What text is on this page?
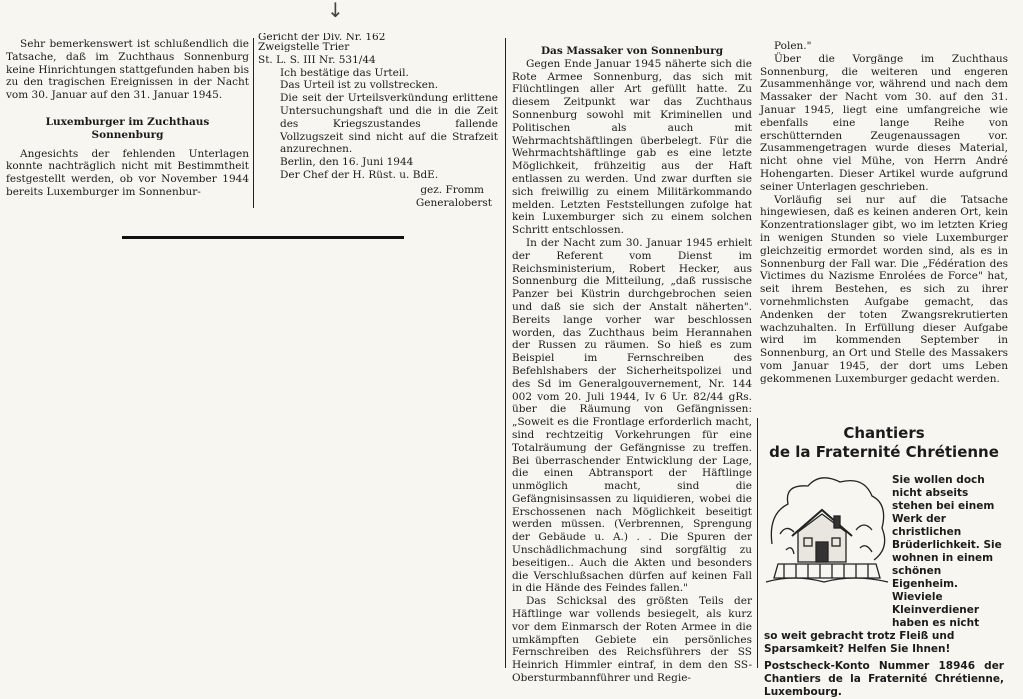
↓

Sehr bemerkenswert ist schlußendlich die Tatsache, daß im Zuchthaus Sonnenburg keine Hinrichtungen stattgefunden haben bis zu den tragischen Ereignissen in der Nacht vom 30. Januar auf den 31. Januar 1945.

Luxemburger im Zuchthaus

Sonnenburg

Angesichts der fehlenden Unterlagen konnte nachträglich nicht mit Bestimmtheit festgestellt werden, ob vor November 1944 bereits Luxemburger im Sonnenbur-

Gericht der Div. Nr. 162

Zweigstelle Trier

St. L. S. III Nr. 531/44

Ich bestätige das Urteil.

Das Urteil ist zu vollstrecken.

Die seit der Urteilsverkündung erlittene Untersuchungshaft und die in die Zeit des Kriegszustandes fallende Vollzugszeit sind nicht auf die Strafzeit anzurechnen.

Berlin, den 16. Juni 1944

Der Chef der H. Rüst. u. BdE.

gez. Fromm

Generaloberst

Das Massaker von Sonnenburg

Gegen Ende Januar 1945 näherte sich die Rote Armee Sonnenburg, das sich mit Flüchtlingen aller Art gefüllt hatte. Zu diesem Zeitpunkt war das Zuchthaus Sonnenburg sowohl mit Kriminellen und Politischen als auch mit Wehrmachtshäftlingen überbelegt. Für die Wehrmachtshäftlinge gab es eine letzte Möglichkeit, frühzeitig aus der Haft entlassen zu werden. Und zwar durften sie sich freiwillig zu einem Militärkommando melden. Letzten Feststellungen zufolge hat kein Luxemburger sich zu einem solchen Schritt entschlossen.

In der Nacht zum 30. Januar 1945 erhielt der Referent vom Dienst im Reichsministerium, Robert Hecker, aus Sonnenburg die Mitteilung, „daß russische Panzer bei Küstrin durchgebrochen seien und daß sie sich der Anstalt näherten". Bereits lange vorher war beschlossen worden, das Zuchthaus beim Herannahen der Russen zu räumen. So hieß es zum Beispiel im Fernschreiben des Befehlshabers der Sicherheitspolizei und des Sd im Generalgouvernement, Nr. 144 002 vom 20. Juli 1944, Iv 6 Ur. 82/44 gRs. über die Räumung von Gefängnissen: „Soweit es die Frontlage erforderlich macht, sind rechtzeitig Vorkehrungen für eine Totalräumung der Gefängnisse zu treffen. Bei überraschender Entwicklung der Lage, die einen Abtransport der Häftlinge unmöglich macht, sind die Gefängnisinsassen zu liquidieren, wobei die Erschossenen nach Möglichkeit beseitigt werden müssen. (Verbrennen, Sprengung der Gebäude u. A.) . . Die Spuren der Unschädlichmachung sind sorgfältig zu beseitigen.. Auch die Akten und besonders die Verschlußsachen dürfen auf keinen Fall in die Hände des Feindes fallen."

Das Schicksal des größten Teils der Häftlinge war vollends besiegelt, als kurz vor dem Einmarsch der Roten Armee in die umkämpften Gebiete ein persönliches Fernschreiben des Reichsführers der SS Heinrich Himmler eintraf, in dem den SS-Obersturmbannführer und Regie-

Polen."

Über die Vorgänge im Zuchthaus Sonnenburg, die weiteren und engeren Zusammenhänge vor, während und nach dem Massaker der Nacht vom 30. auf den 31. Januar 1945, liegt eine umfangreiche wie ebenfalls eine lange Reihe von erschütternden Zeugenaussagen vor. Zusammengetragen wurde dieses Material, nicht ohne viel Mühe, von Herrn André Hohengarten. Dieser Artikel wurde aufgrund seiner Unterlagen geschrieben.

Vorläufig sei nur auf die Tatsache hingewiesen, daß es keinen anderen Ort, kein Konzentrationslager gibt, wo im letzten Krieg in wenigen Stunden so viele Luxemburger gleichzeitig ermordet worden sind, als es in Sonnenburg der Fall war. Die „Fédération des Victimes du Nazisme Enrolées de Force" hat, seit ihrem Bestehen, es sich zu ihrer vornehmlichsten Aufgabe gemacht, das Andenken der toten Zwangsrekrutierten wachzuhalten. In Erfüllung dieser Aufgabe wird im kommenden September in Sonnenburg, an Ort und Stelle des Massakers vom Januar 1945, der dort ums Leben gekommenen Luxemburger gedacht werden.

Chantiers
de la Fraternité Chrétienne
Sie wollen doch nicht abseits stehen bei einem Werk der christlichen Brüderlichkeit. Sie wohnen in einem schönen Eigenheim. Wieviele Kleinverdiener haben es nicht
so weit gebracht trotz Fleiß und Sparsamkeit? Helfen Sie Ihnen!
Postscheck-Konto Nummer 18946 der Chantiers de la Fraternité Chrétienne, Luxembourg.
